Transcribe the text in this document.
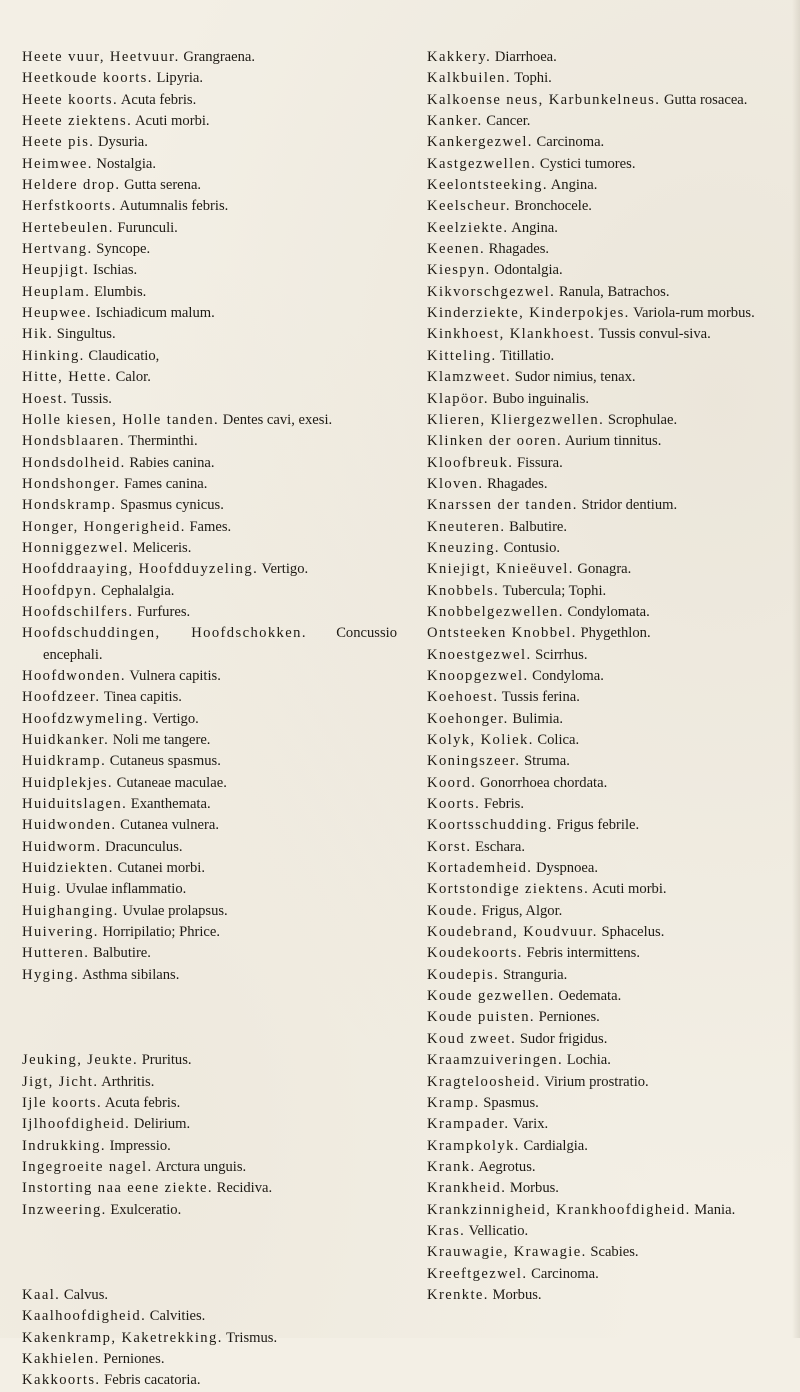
Heete vuur, Heetvuur. Grangraena.
Heetkoude koorts. Lipyria.
Heete koorts. Acuta febris.
Heete ziektens. Acuti morbi.
Heete pis. Dysuria.
Heimwee. Nostalgia.
Heldere drop. Gutta serena.
Herfstkoorts. Autumnalis febris.
Hertebeulen. Furunculi.
Hertvang. Syncope.
Heupjigt. Ischias.
Heuplam. Elumbis.
Heupwee. Ischiadicum malum.
Hik. Singultus.
Hinking. Claudicatio,
Hitte, Hette. Calor.
Hoest. Tussis.
Holle kiesen, Holle tanden. Dentes cavi, exesi.
Hondsblaaren. Therminthi.
Hondsdolheid. Rabies canina.
Hondshonger. Fames canina.
Hondskramp. Spasmus cynicus.
Honger, Hongerigheid. Fames.
Honniggezwel. Meliceris.
Hoofddraaying, Hoofdduyzeling. Vertigo.
Hoofdpyn. Cephalalgia.
Hoofdschilfers. Furfures.
Hoofdschuddingen, Hoofdschokken. Concussio encephali.
Hoofdwonden. Vulnera capitis.
Hoofdzeer. Tinea capitis.
Hoofdzwymeling. Vertigo.
Huidkanker. Noli me tangere.
Huidkramp. Cutaneus spasmus.
Huidplekjes. Cutaneae maculae.
Huiduitslagen. Exanthemata.
Huidwonden. Cutanea vulnera.
Huidworm. Dracunculus.
Huidziekten. Cutanei morbi.
Huig. Uvulae inflammatio.
Huighanging. Uvulae prolapsus.
Huivering. Horripilatio; Phrice.
Hutteren. Balbutire.
Hyging. Asthma sibilans.
Jeuking, Jeukte. Pruritus.
Jigt, Jicht. Arthritis.
Ijle koorts. Acuta febris.
Ijlhoofdigheid. Delirium.
Indrukking. Impressio.
Ingegroeite nagel. Arctura unguis.
Instorting naa eene ziekte. Recidiva.
Inzweering. Exulceratio.
Kaal. Calvus.
Kaalhoofdigheid. Calvities.
Kakenkramp, Kaketrekking. Trismus.
Kakhielen. Perniones.
Kakkoorts. Febris cacatoria.
Kakkery. Diarrhoea.
Kalkbuilen. Tophi.
Kalkoense neus, Karbunkelneus. Gutta rosacea.
Kanker. Cancer.
Kankergezwel. Carcinoma.
Kastgezwellen. Cystici tumores.
Keelontsteeking. Angina.
Keelscheur. Bronchocele.
Keelziekte. Angina.
Keenen. Rhagades.
Kiespyn. Odontalgia.
Kikvorschgezwel. Ranula, Batrachos.
Kinderziekte, Kinderpokjes. Variola-rum morbus.
Kinkhoest, Klankhoest. Tussis convul-siva.
Kitteling. Titillatio.
Klamzweet. Sudor nimius, tenax.
Klapöor. Bubo inguinalis.
Klieren, Kliergezwellen. Scrophulae.
Klinken der ooren. Aurium tinnitus.
Kloofbreuk. Fissura.
Kloven. Rhagades.
Knarssen der tanden. Stridor dentium.
Kneuteren. Balbutire.
Kneuzing. Contusio.
Kniejigt, Knieëuvel. Gonagra.
Knobbels. Tubercula; Tophi.
Knobbelgezwellen. Condylomata.
Ontsteeken Knobbel. Phygethlon.
Knoestgezwel. Scirrhus.
Knoopgezwel. Condyloma.
Koehoest. Tussis ferina.
Koehonger. Bulimia.
Kolyk, Koliek. Colica.
Koningszeer. Struma.
Koord. Gonorrhoea chordata.
Koorts. Febris.
Koortsschudding. Frigus febrile.
Korst. Eschara.
Kortademheid. Dyspnoea.
Kortstondige ziektens. Acuti morbi.
Koude. Frigus, Algor.
Koudebrand, Koudvuur. Sphacelus.
Koudekoorts. Febris intermittens.
Koudepis. Stranguria.
Koude gezwellen. Oedemata.
Koude puisten. Perniones.
Koud zweet. Sudor frigidus.
Kraamzuiveringen. Lochia.
Kragteloosheid. Virium prostratio.
Kramp. Spasmus.
Krampader. Varix.
Krampkolyk. Cardialgia.
Krank. Aegrotus.
Krankheid. Morbus.
Krankzinnigheid, Krankhoofdigheid. Mania.
Kras. Vellicatio.
Krauwagie, Krawagie. Scabies.
Kreeftgezwel. Carcinoma.
Krenkte. Morbus.
